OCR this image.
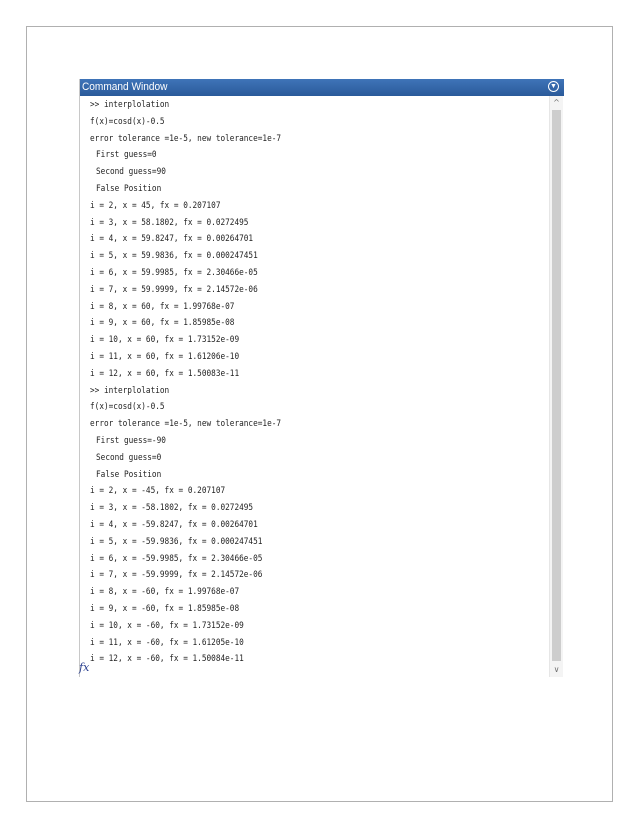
Command Window	▼
>> interplolation
f(x)=cosd(x)-0.5
error tolerance =1e-5, new tolerance=1e-7
First guess=0
Second guess=90
False Position
i = 2, x = 45, fx = 0.207107
i = 3, x = 58.1802, fx = 0.0272495
i = 4, x = 59.8247, fx = 0.00264701
i = 5, x = 59.9836, fx = 0.000247451
i = 6, x = 59.9985, fx = 2.30466e-05
i = 7, x = 59.9999, fx = 2.14572e-06
i = 8, x = 60, fx = 1.99768e-07
i = 9, x = 60, fx = 1.85985e-08
i = 10, x = 60, fx = 1.73152e-09
i = 11, x = 60, fx = 1.61206e-10
i = 12, x = 60, fx = 1.50083e-11
>> interplolation
f(x)=cosd(x)-0.5
error tolerance =1e-5, new tolerance=1e-7
First guess=-90
Second guess=0
False Position
i = 2, x = -45, fx = 0.207107
i = 3, x = -58.1802, fx = 0.0272495
i = 4, x = -59.8247, fx = 0.00264701
i = 5, x = -59.9836, fx = 0.000247451
i = 6, x = -59.9985, fx = 2.30466e-05
i = 7, x = -59.9999, fx = 2.14572e-06
i = 8, x = -60, fx = 1.99768e-07
i = 9, x = -60, fx = 1.85985e-08
i = 10, x = -60, fx = 1.73152e-09
i = 11, x = -60, fx = 1.61205e-10
i = 12, x = -60, fx = 1.50084e-11
^
∨
fx
